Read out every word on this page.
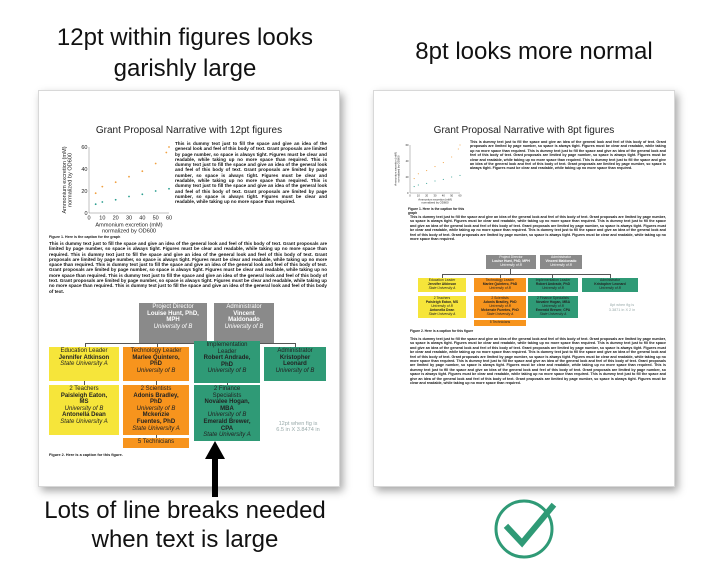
12pt within figures looks
garishly large
8pt looks more normal
Lots of line breaks needed
when text is large
Grant Proposal Narrative with 12pt figures
0 10 20 30 40 50 60
0
20
40
60
Ammonium excretion (mM)
normalized by OD600
Ammonium excretion (mM) normalized by OD600

This is dummy text just to fill the space and give an idea of the general look and feel of this body of text. Grant proposals are limited by page number, so space is always tight. Figures must be clear and readable, while taking up no more space than required. This is dummy text just to fill the space and give an idea of the general look and feel of this body of text. Grant proposals are limited by page number, so space is always tight. Figures must be clear and readable, while taking up no more space than required. This is dummy text just to fill the space and give an idea of the general look and feel of this body of text. Grant proposals are limited by page number, so space is always tight. Figures must be clear and readable, while taking up no more space than required.

Figure 1. Here is the caption for the graph

This is dummy text just to fill the space and give an idea of the general look and feel of this body of text. Grant proposals are limited by page number, so space is always tight. Figures must be clear and readable, while taking up no more space than required. This is dummy text just to fill the space and give an idea of the general look and feel of this body of text. Grant proposals are limited by page number, so space is always tight. Figures must be clear and readable, while taking up no more space than required. This is dummy text just to fill the space and give an idea of the general look and feel of this body of text. Grant proposals are limited by page number, so space is always tight. Figures must be clear and readable, while taking up no more space than required. This is dummy text just to fill the space and give an idea of the general look and feel of this body of text. Grant proposals are limited by page number, so space is always tight. Figures must be clear and readable, while taking up no more space than required. This is dummy text just to fill the space and give an idea of the general look and feel of this body of text.

Project Director
Louise Hunt, PhD,
MPH
University of B
Administrator
Vincent
Maldonado
University of B
Education Leader
Jennifer Atkinson
State University A
Technology Leader
Marlee Quintero,
PhD
University of B
Implementation
Leader
Robert Andrade,
PhD
University of B
Administrator
Kristopher
Leonard
University of B
2 Teachers
Paisleigh Eaton,
MS
University of B
Antonella Dean
State University A
2 Scientists
Adonis Bradley,
PhD
University of B
Mckenzie
Fuentes, PhD
State University A
2 Finance
Specialists
Novalee Hogan,
MBA
University of B
Emerald Brewer,
CPA
State University A
5 Technicians
12pt when fig is
6.5 in X 3.8474 in
Figure 2. Here is a caption for this figure.
Grant Proposal Narrative with 8pt figures
0 10 20 30 40 50 60
0
20
40
60
Ammonium excretion (mM)
normalized by OD600
Ammonium excretion (mM)
normalized by OD600
Figure 1. Here is the caption for this graph

This is dummy text just to fill the space and give an idea of the general look and feel of this body of text. Grant proposals are limited by page number, so space is always tight. Figures must be clear and readable, while taking up no more space than required. This is dummy text just to fill the space and give an idea of the general look and feel of this body of text. Grant proposals are limited by page number, so space is always tight. Figures must be clear and readable, while taking up no more space than required. This is dummy text just to fill the space and give an idea of the general look and feel of this body of text. Grant proposals are limited by page number, so space is always tight. Figures must be clear and readable, while taking up no more space than required.

This is dummy text just to fill the space and give an idea of the general look and feel of this body of text. Grant proposals are limited by page number, so space is always tight. Figures must be clear and readable, while taking up no more space than required. This is dummy text just to fill the space and give an idea of the general look and feel of this body of text. Grant proposals are limited by page number, so space is always tight. Figures must be clear and readable, while taking up no more space than required. This is dummy text just to fill the space and give an idea of the general look and feel of this body of text. Grant proposals are limited by page number, so space is always tight. Figures must be clear and readable, while taking up no more space than required.

Project Director
Louise Hunt, PhD, MPH
University of B
Administrator
Vincent Maldonado
University of B
Education Leader
Jennifer Atkinson
State University A
Technology Leader
Marlee Quintero, PhD
University of B
Implementation Leader
Robert Andrade, PhD
University of B
Administrator
Kristopher Leonard
University of B
2 Teachers
Paisleigh Eaton, MS
University of B
Antonella Dean
State University A
2 Scientists
Adonis Bradley, PhD
University of B
Mckenzie Fuentes, PhD
State University A
2 Finance Specialists
Novalee Hogan, MBA
University of B
Emerald Brewer, CPA
State University A
5 Technicians
8pt when fig is
3.3871 in X 2 in
Figure 2. Here is a caption for this figure

This is dummy text just to fill the space and give an idea of the general look and feel of this body of text. Grant proposals are limited by page number, so space is always tight. Figures must be clear and readable, while taking up no more space than required. This is dummy text just to fill the space and give an idea of the general look and feel of this body of text. Grant proposals are limited by page number, so space is always tight. Figures must be clear and readable, while taking up no more space than required. This is dummy text just to fill the space and give an idea of the general look and feel of this body of text. Grant proposals are limited by page number, so space is always tight. Figures must be clear and readable, while taking up no more space than required. This is dummy text just to fill the space and give an idea of the general look and feel of this body of text. Grant proposals are limited by page number, so space is always tight. Figures must be clear and readable, while taking up no more space than required. This is dummy text just to fill the space and give an idea of the general look and feel of this body of text. Grant proposals are limited by page number, so space is always tight. Figures must be clear and readable, while taking up no more space than required. This is dummy text just to fill the space and give an idea of the general look and feel of this body of text. Grant proposals are limited by page number, so space is always tight. Figures must be clear and readable, while taking up no more space than required.
